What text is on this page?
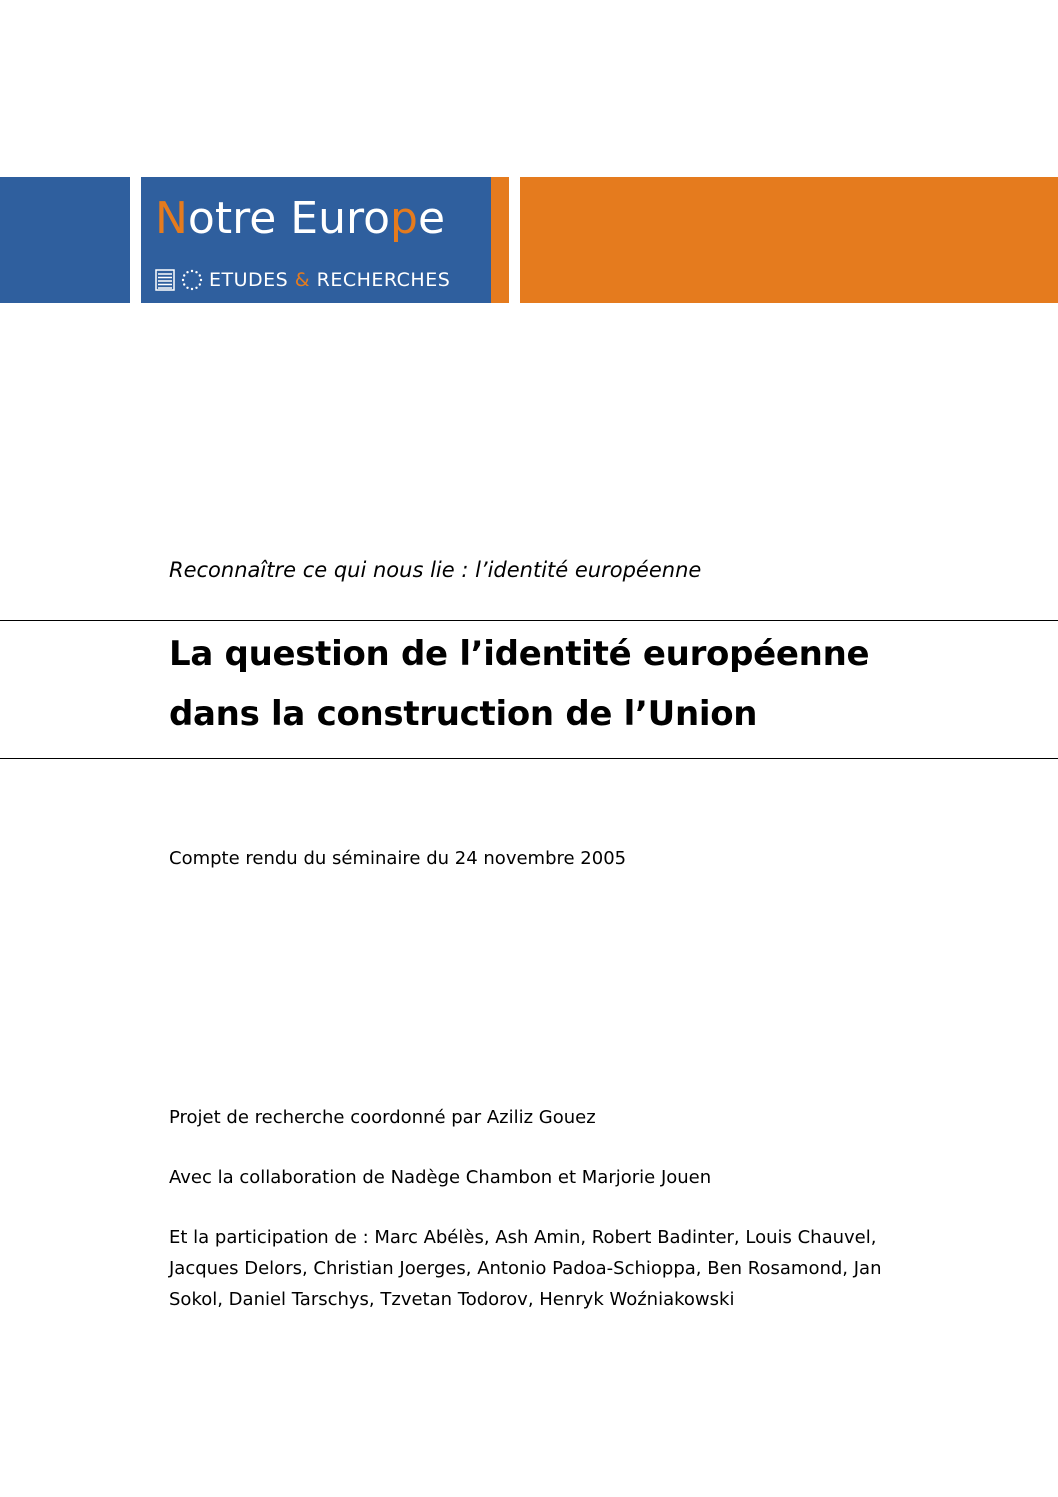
Notre Europe
ETUDES & RECHERCHES
Reconnaître ce qui nous lie : l’identité européenne
La question de l’identité européenne
dans la construction de l’Union
Compte rendu du séminaire du 24 novembre 2005
Projet de recherche coordonné par Aziliz Gouez
Avec la collaboration de Nadège Chambon et Marjorie Jouen
Et la participation de : Marc Abélès, Ash Amin, Robert Badinter, Louis Chauvel,
Jacques Delors, Christian Joerges, Antonio Padoa-Schioppa, Ben Rosamond, Jan
Sokol, Daniel Tarschys, Tzvetan Todorov, Henryk Woźniakowski
